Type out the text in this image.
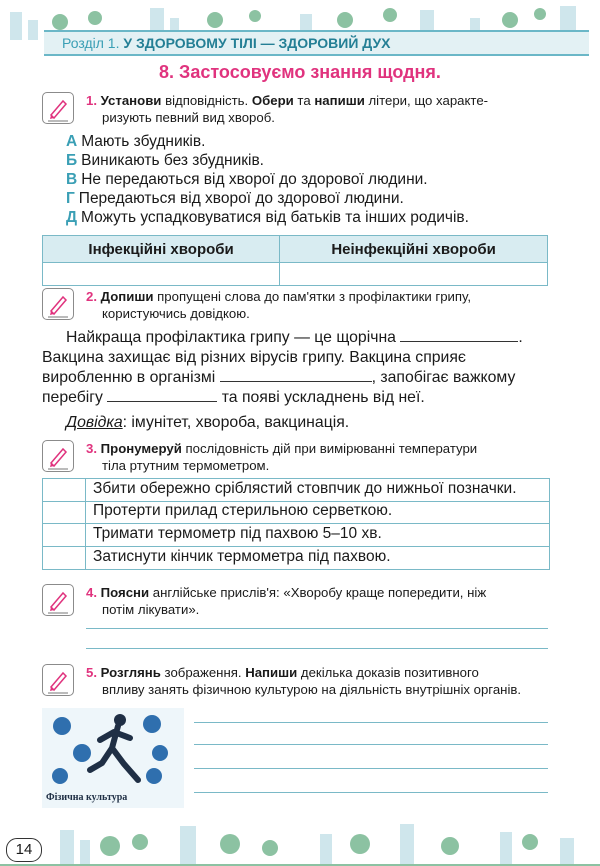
Розділ 1. У ЗДОРОВОМУ ТІЛІ — ЗДОРОВИЙ ДУХ
8. Застосовуємо знання щодня.
1. Установи відповідність. Обери та напиши літери, що характе-
ризують певний вид хвороб.
А Мають збудників.
Б Виникають без збудників.
В Не передаються від хворої до здорової людини.
Г Передаються від хворої до здорової людини.
Д Можуть успадковуватися від батьків та інших родичів.
Інфекційні хвороби	Неінфекційні хвороби

2. Допиши пропущені слова до пам'ятки з профілактики грипу,
користуючись довідкою.
Найкраща профілактика грипу — це щорічна	.
Вакцина захищає від різних вірусів грипу. Вакцина сприяє
виробленню в організмі	, запобігає важкому
перебігу	та появі ускладнень від неї.
Довідка: імунітет, хвороба, вакцинація.
3. Пронумеруй послідовність дій при вимірюванні температури
тіла ртутним термометром.
Збити обережно сріблястий стовпчик до нижньої позначки.
Протерти прилад стерильною серветкою.
Тримати термометр під пахвою 5–10 хв.
Затиснути кінчик термометра під пахвою.
4. Поясни англійське прислів'я: «Хворобу краще попередити, ніж
потім лікувати».
5. Розглянь зображення. Напиши декілька доказів позитивного
впливу занять фізичною культурою на діяльність внутрішніх органів.
Фізична культура
14
